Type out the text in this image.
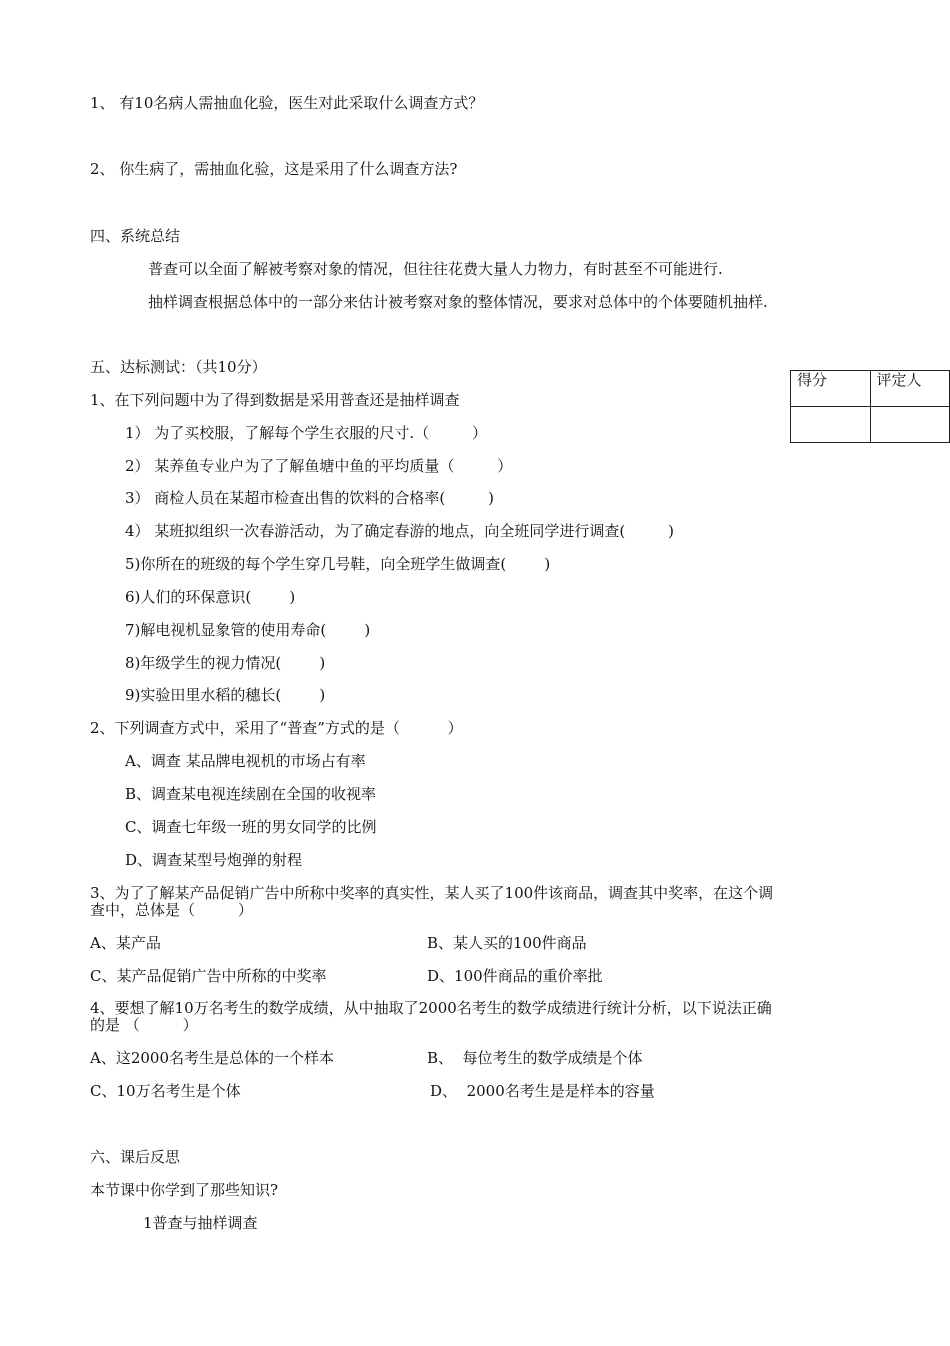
1、 有10名病人需抽血化验，医生对此采取什么调查方式？
2、 你生病了，需抽血化验，这是采用了什么调查方法?
四、系统总结
普查可以全面了解被考察对象的情况，但往往花费大量人力物力，有时甚至不可能进行.
抽样调查根据总体中的一部分来估计被考察对象的整体情况，要求对总体中的个体要随机抽样.
五、达标测试：（共10分）
得分	评定人

1、在下列问题中为了得到数据是采用普查还是抽样调查
1） 为了买校服，了解每个学生衣服的尺寸.（         ）
2） 某养鱼专业户为了了解鱼塘中鱼的平均质量（         ）
3） 商检人员在某超市检查出售的饮料的合格率(         )
4） 某班拟组织一次春游活动，为了确定春游的地点，向全班同学进行调查(         )
5)你所在的班级的每个学生穿几号鞋，向全班学生做调查(        )
6)人们的环保意识(        )
7)解电视机显象管的使用寿命(        )
8)年级学生的视力情况(        )
9)实验田里水稻的穗长(        )
2、下列调查方式中，采用了“普查”方式的是（          ）
A、调查 某品牌电视机的市场占有率
B、调查某电视连续剧在全国的收视率
C、调查七年级一班的男女同学的比例
D、调查某型号炮弹的射程
3、为了了解某产品促销广告中所称中奖率的真实性，某人买了100件该商品，调查其中奖率，在这个调
查中，总体是（         ）
A、某产品	B、某人买的100件商品
C、某产品促销广告中所称的中奖率	D、100件商品的重价率批
4、要想了解10万名考生的数学成绩，从中抽取了2000名考生的数学成绩进行统计分析，以下说法正确
的是 （         ）
A、这2000名考生是总体的一个样本	B、  每位考生的数学成绩是个体
C、10万名考生是个体	D、  2000名考生是是样本的容量
六、课后反思
本节课中你学到了那些知识?
1普查与抽样调查
